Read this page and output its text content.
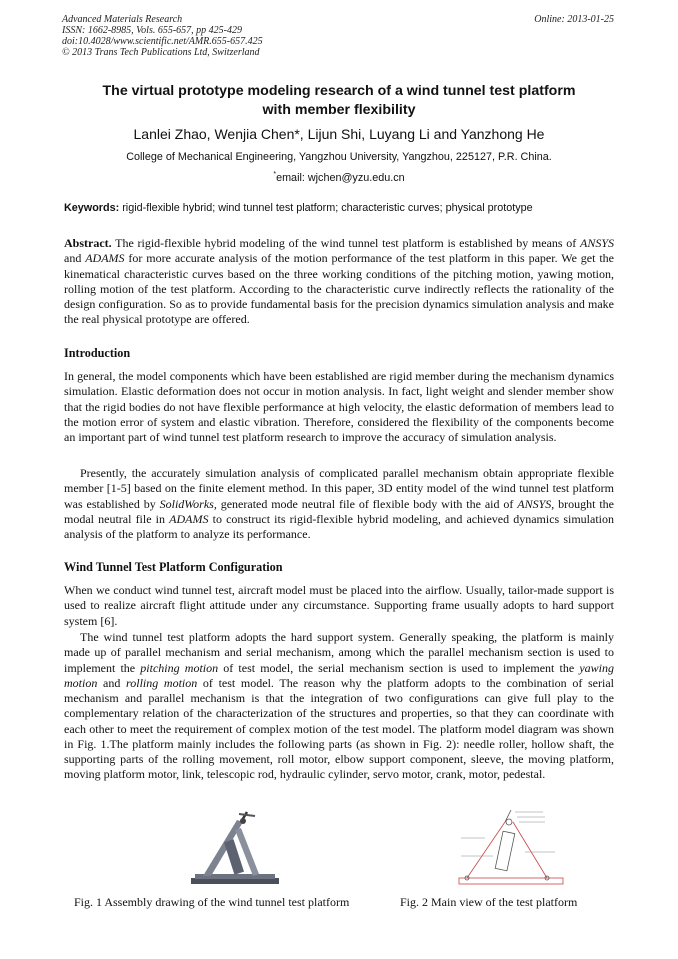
Advanced Materials Research
ISSN: 1662-8985, Vols. 655-657, pp 425-429
doi:10.4028/www.scientific.net/AMR.655-657.425
© 2013 Trans Tech Publications Ltd, Switzerland
Online: 2013-01-25
The virtual prototype modeling research of a wind tunnel test platform
with member flexibility
Lanlei Zhao, Wenjia Chen*, Lijun Shi, Luyang Li and Yanzhong He
College of Mechanical Engineering, Yangzhou University, Yangzhou, 225127, P.R. China.
*email: wjchen@yzu.edu.cn
Keywords: rigid-flexible hybrid; wind tunnel test platform; characteristic curves; physical prototype
Abstract. The rigid-flexible hybrid modeling of the wind tunnel test platform is established by means of ANSYS and ADAMS for more accurate analysis of the motion performance of the test platform in this paper. We get the kinematical characteristic curves based on the three working conditions of the pitching motion, yawing motion, rolling motion of the test platform. According to the characteristic curve indirectly reflects the rationality of the design configuration. So as to provide fundamental basis for the precision dynamics simulation analysis and make the real physical prototype are offered.
Introduction
In general, the model components which have been established are rigid member during the mechanism dynamics simulation. Elastic deformation does not occur in motion analysis. In fact, light weight and slender member show that the rigid bodies do not have flexible performance at high velocity, the elastic deformation of members lead to the motion error of system and elastic vibration. Therefore, considered the flexibility of the components become an important part of wind tunnel test platform research to improve the accuracy of simulation analysis.
Presently, the accurately simulation analysis of complicated parallel mechanism obtain appropriate flexible member [1-5] based on the finite element method. In this paper, 3D entity model of the wind tunnel test platform was established by SolidWorks, generated mode neutral file of flexible body with the aid of ANSYS, brought the modal neutral file in ADAMS to construct its rigid-flexible hybrid modeling, and achieved dynamics simulation analysis of the platform to analyze its performance.
Wind Tunnel Test Platform Configuration
When we conduct wind tunnel test, aircraft model must be placed into the airflow. Usually, tailor-made support is used to realize aircraft flight attitude under any circumstance. Supporting frame usually adopts to hard support system [6].
The wind tunnel test platform adopts the hard support system. Generally speaking, the platform is mainly made up of parallel mechanism and serial mechanism, among which the parallel mechanism section is used to implement the pitching motion of test model, the serial mechanism section is used to implement the yawing motion and rolling motion of test model. The reason why the platform adopts to the combination of serial mechanism and parallel mechanism is that the integration of two configurations can give full play to the complementary relation of the characterization of the structures and properties, so that they can coordinate with each other to meet the requirement of complex motion of the test model. The platform model diagram was shown in Fig. 1.The platform mainly includes the following parts (as shown in Fig. 2): needle roller, hollow shaft, the supporting parts of the rolling movement, roll motor, elbow support component, sleeve, the moving platform, moving platform motor, link, telescopic rod, hydraulic cylinder, servo motor, crank, motor, pedestal.
Fig. 1 Assembly drawing of the wind tunnel test platform	Fig. 2 Main view of the test platform
